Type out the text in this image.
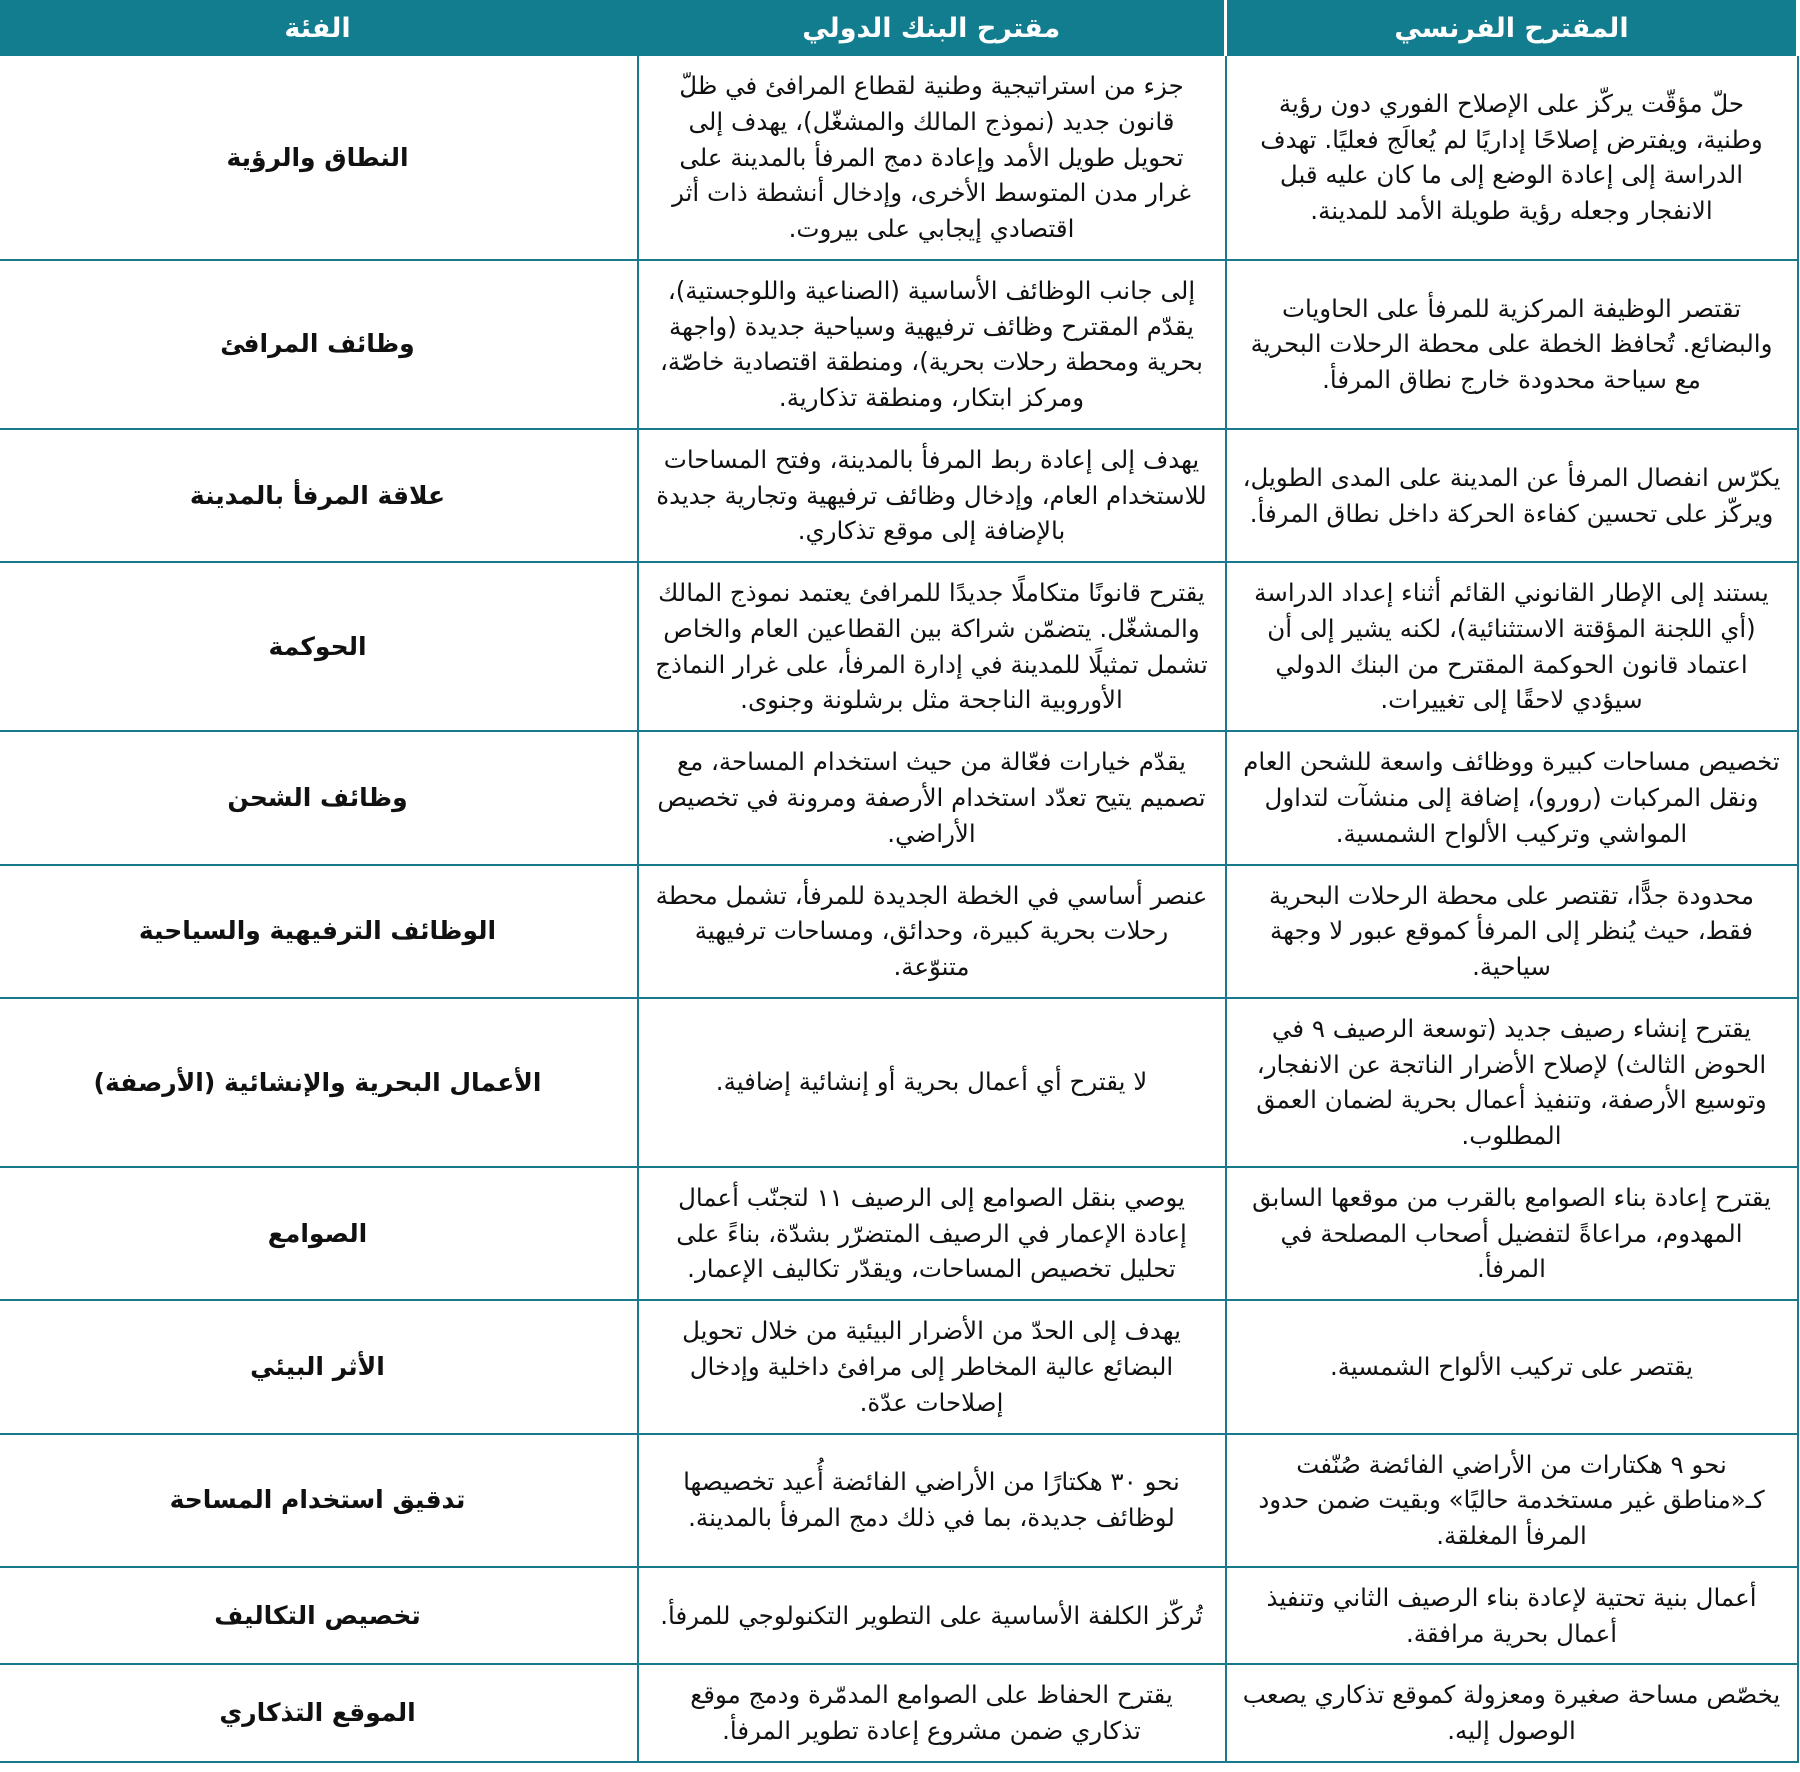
المقترح الفرنسي	مقترح البنك الدولي	الفئة
حلّ مؤقّت يركّز على الإصلاح الفوري دون رؤية وطنية، ويفترض إصلاحًا إداريًا لم يُعالَج فعليًا. تهدف الدراسة إلى إعادة الوضع إلى ما كان عليه قبل الانفجار وجعله رؤية طويلة الأمد للمدينة.	جزء من استراتيجية وطنية لقطاع المرافئ في ظلّ قانون جديد (نموذج المالك والمشغّل)، يهدف إلى تحويل طويل الأمد وإعادة دمج المرفأ بالمدينة على غرار مدن المتوسط الأخرى، وإدخال أنشطة ذات أثر اقتصادي إيجابي على بيروت.	النطاق والرؤية
تقتصر الوظيفة المركزية للمرفأ على الحاويات والبضائع. تُحافظ الخطة على محطة الرحلات البحرية مع سياحة محدودة خارج نطاق المرفأ.	إلى جانب الوظائف الأساسية (الصناعية واللوجستية)، يقدّم المقترح وظائف ترفيهية وسياحية جديدة (واجهة بحرية ومحطة رحلات بحرية)، ومنطقة اقتصادية خاصّة، ومركز ابتكار، ومنطقة تذكارية.	وظائف المرافئ
يكرّس انفصال المرفأ عن المدينة على المدى الطويل، ويركّز على تحسين كفاءة الحركة داخل نطاق المرفأ.	يهدف إلى إعادة ربط المرفأ بالمدينة، وفتح المساحات للاستخدام العام، وإدخال وظائف ترفيهية وتجارية جديدة بالإضافة إلى موقع تذكاري.	علاقة المرفأ بالمدينة
يستند إلى الإطار القانوني القائم أثناء إعداد الدراسة (أي اللجنة المؤقتة الاستثنائية)، لكنه يشير إلى أن اعتماد قانون الحوكمة المقترح من البنك الدولي سيؤدي لاحقًا إلى تغييرات.	يقترح قانونًا متكاملًا جديدًا للمرافئ يعتمد نموذج المالك والمشغّل. يتضمّن شراكة بين القطاعين العام والخاص تشمل تمثيلًا للمدينة في إدارة المرفأ، على غرار النماذج الأوروبية الناجحة مثل برشلونة وجنوى.	الحوكمة
تخصيص مساحات كبيرة ووظائف واسعة للشحن العام ونقل المركبات (رورو)، إضافة إلى منشآت لتداول المواشي وتركيب الألواح الشمسية.	يقدّم خيارات فعّالة من حيث استخدام المساحة، مع تصميم يتيح تعدّد استخدام الأرصفة ومرونة في تخصيص الأراضي.	وظائف الشحن
محدودة جدًّا، تقتصر على محطة الرحلات البحرية فقط، حيث يُنظر إلى المرفأ كموقع عبور لا وجهة سياحية.	عنصر أساسي في الخطة الجديدة للمرفأ، تشمل محطة رحلات بحرية كبيرة، وحدائق، ومساحات ترفيهية متنوّعة.	الوظائف الترفيهية والسياحية
يقترح إنشاء رصيف جديد (توسعة الرصيف ٩ في الحوض الثالث) لإصلاح الأضرار الناتجة عن الانفجار، وتوسيع الأرصفة، وتنفيذ أعمال بحرية لضمان العمق المطلوب.	لا يقترح أي أعمال بحرية أو إنشائية إضافية.	الأعمال البحرية والإنشائية (الأرصفة)
يقترح إعادة بناء الصوامع بالقرب من موقعها السابق المهدوم، مراعاةً لتفضيل أصحاب المصلحة في المرفأ.	يوصي بنقل الصوامع إلى الرصيف ١١ لتجنّب أعمال إعادة الإعمار في الرصيف المتضرّر بشدّة، بناءً على تحليل تخصيص المساحات، ويقدّر تكاليف الإعمار.	الصوامع
يقتصر على تركيب الألواح الشمسية.	يهدف إلى الحدّ من الأضرار البيئية من خلال تحويل البضائع عالية المخاطر إلى مرافئ داخلية وإدخال إصلاحات عدّة.	الأثر البيئي
نحو ٩ هكتارات من الأراضي الفائضة صُنّفت كـ«مناطق غير مستخدمة حاليًا» وبقيت ضمن حدود المرفأ المغلقة.	نحو ٣٠ هكتارًا من الأراضي الفائضة أُعيد تخصيصها لوظائف جديدة، بما في ذلك دمج المرفأ بالمدينة.	تدقيق استخدام المساحة
أعمال بنية تحتية لإعادة بناء الرصيف الثاني وتنفيذ أعمال بحرية مرافقة.	تُركّز الكلفة الأساسية على التطوير التكنولوجي للمرفأ.	تخصيص التكاليف
يخصّص مساحة صغيرة ومعزولة كموقع تذكاري يصعب الوصول إليه.	يقترح الحفاظ على الصوامع المدمّرة ودمج موقع تذكاري ضمن مشروع إعادة تطوير المرفأ.	الموقع التذكاري
